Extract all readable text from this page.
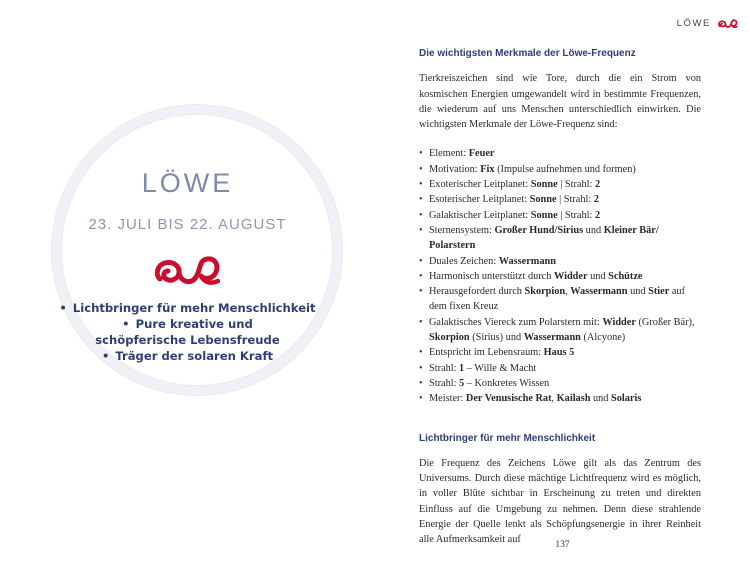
LÖWE
23. JULI BIS 22. AUGUST
• Lichtbringer für mehr Menschlichkeit
• Pure kreative und schöpferische Lebensfreude
• Träger der solaren Kraft
LÖWE
Die wichtigsten Merkmale der Löwe-Frequenz

Tierkreiszeichen sind wie Tore, durch die ein Strom von kosmischen Energien umgewandelt wird in bestimmte Frequenzen, die wiederum auf uns Menschen unterschiedlich einwirken. Die wichtigsten Merkmale der Löwe-Frequenz sind:

• Element: Feuer
• Motivation: Fix (Impulse aufnehmen und formen)
• Exoterischer Leitplanet: Sonne | Strahl: 2
• Esoterischer Leitplanet: Sonne | Strahl: 2
• Galaktischer Leitplanet: Sonne | Strahl: 2
• Sternensystem: Großer Hund/Sirius und Kleiner Bär/ Polarstern
• Duales Zeichen: Wassermann
• Harmonisch unterstützt durch Widder und Schütze
• Herausgefordert durch Skorpion, Wassermann und Stier auf dem fixen Kreuz
• Galaktisches Viereck zum Polarstern mit: Widder (Großer Bär), Skorpion (Sirius) und Wassermann (Alcyone)
• Entspricht im Lebensraum: Haus 5
• Strahl: 1 – Wille & Macht
• Strahl: 5 – Konkretes Wissen
• Meister: Der Venusische Rat, Kailash und Solaris
Lichtbringer für mehr Menschlichkeit

Die Frequenz des Zeichens Löwe gilt als das Zentrum des Universums. Durch diese mächtige Lichtfrequenz wird es möglich, in voller Blüte sichtbar in Erscheinung zu treten und direkten Einfluss auf die Umgebung zu nehmen. Denn diese strahlende Energie der Quelle lenkt als Schöpfungsenergie in ihrer Reinheit alle Aufmerksamkeit auf	137
